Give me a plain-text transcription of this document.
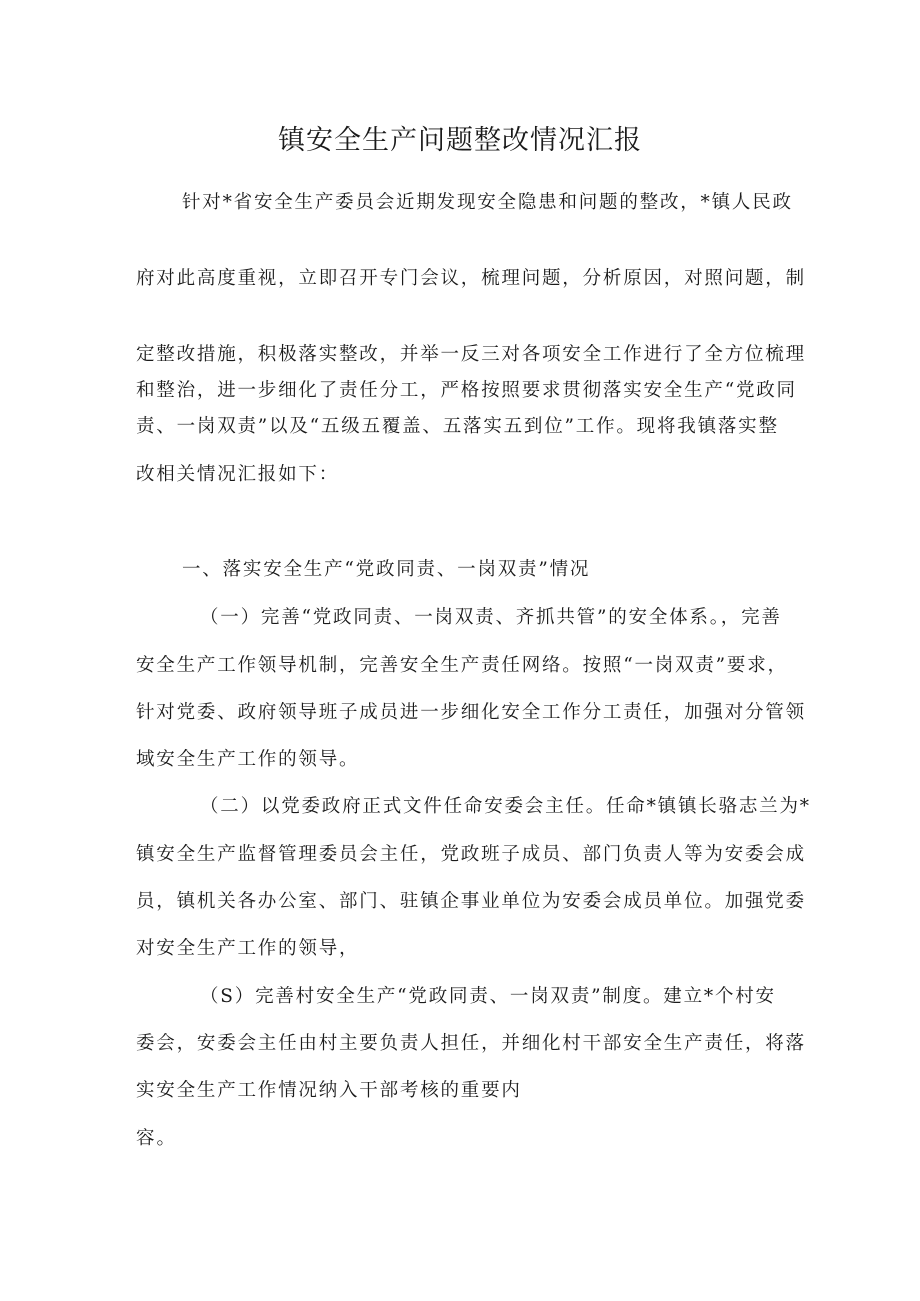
镇安全生产问题整改情况汇报
针对*省安全生产委员会近期发现安全隐患和问题的整改，*镇人民政
府对此高度重视，立即召开专门会议，梳理问题，分析原因，对照问题，制
定整改措施，积极落实整改，并举一反三对各项安全工作进行了全方位梳理
和整治，进一步细化了责任分工，严格按照要求贯彻落实安全生产“党政同
责、一岗双责”以及“五级五覆盖、五落实五到位”工作。现将我镇落实整
改相关情况汇报如下：
一、落实安全生产“党政同责、一岗双责”情况
（一）完善“党政同责、一岗双责、齐抓共管”的安全体系。，完善
安全生产工作领导机制，完善安全生产责任网络。按照“一岗双责”要求，
针对党委、政府领导班子成员进一步细化安全工作分工责任，加强对分管领
域安全生产工作的领导。
（二）以党委政府正式文件任命安委会主任。任命*镇镇长骆志兰为*
镇安全生产监督管理委员会主任，党政班子成员、部门负责人等为安委会成
员，镇机关各办公室、部门、驻镇企事业单位为安委会成员单位。加强党委
对安全生产工作的领导，
（S）完善村安全生产“党政同责、一岗双责”制度。建立*个村安
委会，安委会主任由村主要负责人担任，并细化村干部安全生产责任，将落
实安全生产工作情况纳入干部考核的重要内
容。
